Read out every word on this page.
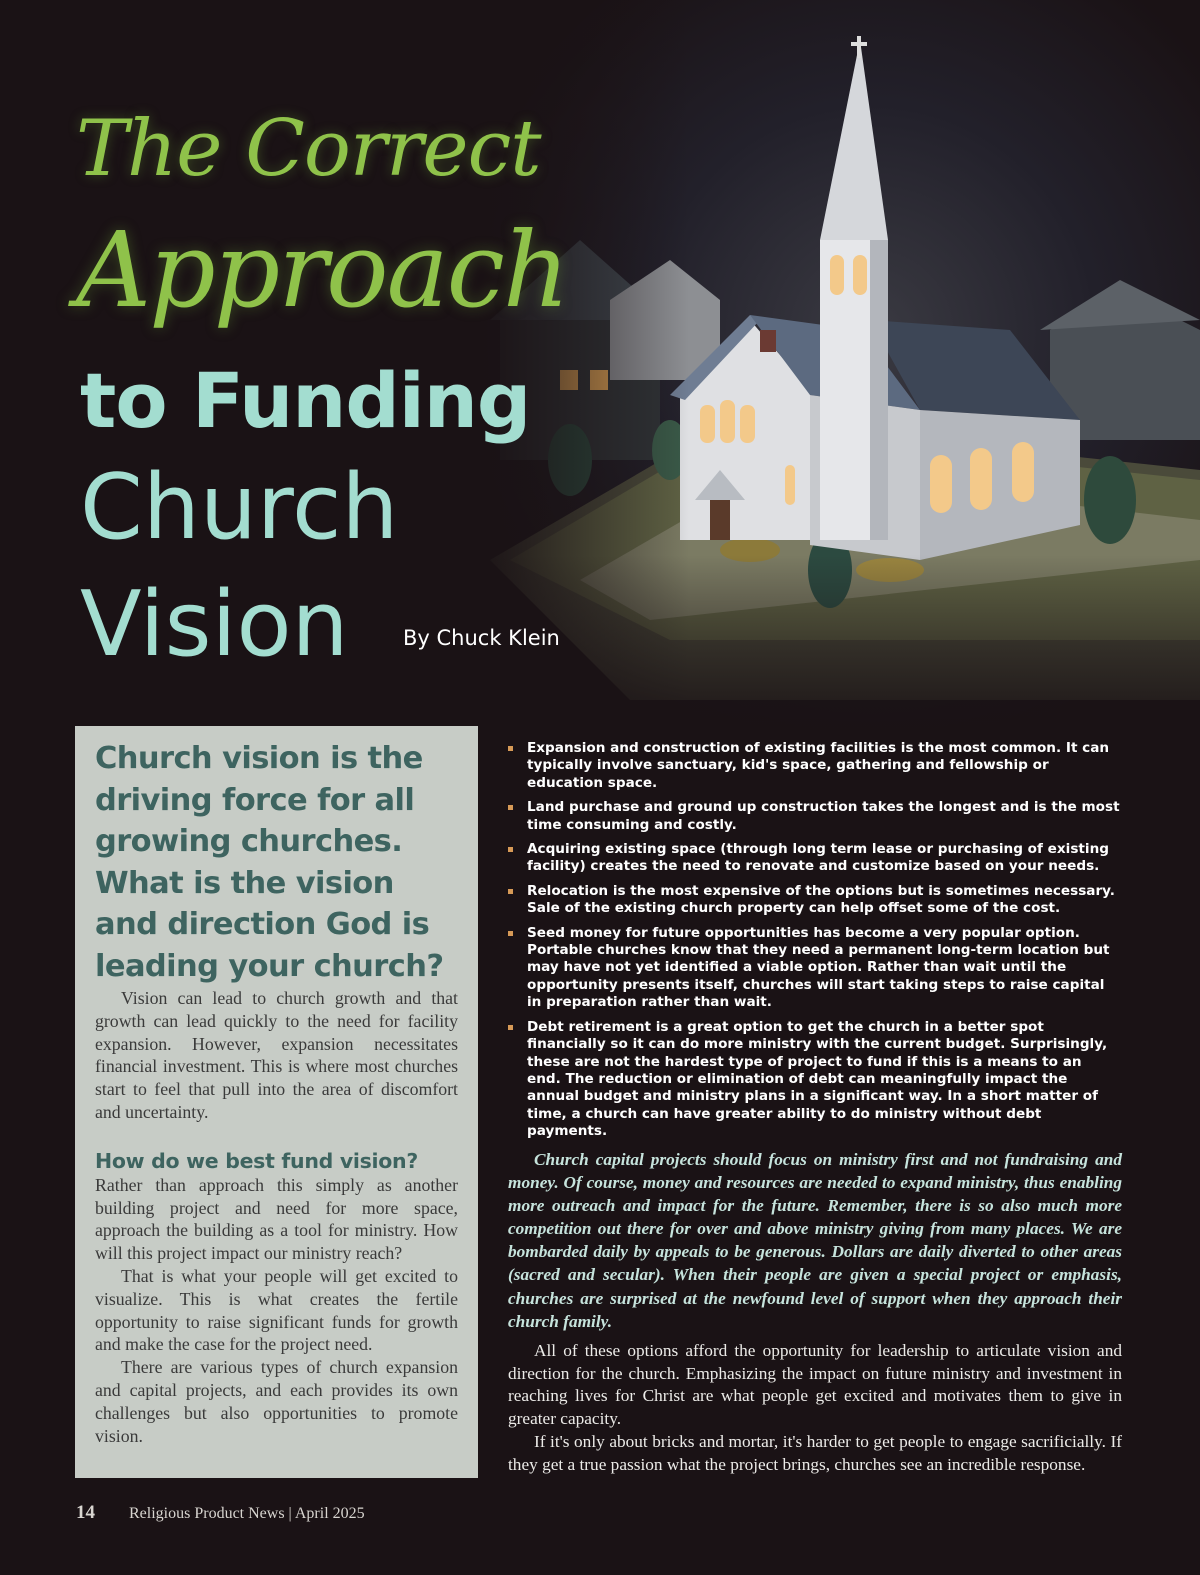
The Correct
Approach
to Funding
Church
Vision	By Chuck Klein
Church vision is the driving force for all growing churches. What is the vision and direction God is leading your church?

Vision can lead to church growth and that growth can lead quickly to the need for facility expansion. However, expansion necessitates financial investment. This is where most churches start to feel that pull into the area of discomfort and uncertainty.

How do we best fund vision?

Rather than approach this simply as another building project and need for more space, approach the building as a tool for ministry. How will this project impact our ministry reach?

That is what your people will get excited to visualize. This is what creates the fertile opportunity to raise significant funds for growth and make the case for the project need.

There are various types of church expansion and capital projects, and each provides its own challenges but also opportunities to promote vision.

Expansion and construction of existing facilities is the most common. It can typically involve sanctuary, kid's space, gathering and fellowship or education space.
Land purchase and ground up construction takes the longest and is the most time consuming and costly.
Acquiring existing space (through long term lease or purchasing of existing facility) creates the need to renovate and customize based on your needs.
Relocation is the most expensive of the options but is sometimes necessary. Sale of the existing church property can help offset some of the cost.
Seed money for future opportunities has become a very popular option. Portable churches know that they need a permanent long-term location but may have not yet identified a viable option. Rather than wait until the opportunity presents itself, churches will start taking steps to raise capital in preparation rather than wait.
Debt retirement is a great option to get the church in a better spot financially so it can do more ministry with the current budget. Surprisingly, these are not the hardest type of project to fund if this is a means to an end. The reduction or elimination of debt can meaningfully impact the annual budget and ministry plans in a significant way. In a short matter of time, a church can have greater ability to do ministry without debt payments.

Church capital projects should focus on ministry first and not fundraising and money. Of course, money and resources are needed to expand ministry, thus enabling more outreach and impact for the future. Remember, there is so also much more competition out there for over and above ministry giving from many places. We are bombarded daily by appeals to be generous. Dollars are daily diverted to other areas (sacred and secular). When their people are given a special project or emphasis, churches are surprised at the newfound level of support when they approach their church family.

All of these options afford the opportunity for leadership to articulate vision and direction for the church. Emphasizing the impact on future ministry and investment in reaching lives for Christ are what people get excited and motivates them to give in greater capacity.

If it's only about bricks and mortar, it's harder to get people to engage sacrificially. If they get a true passion what the project brings, churches see an incredible response.

14 Religious Product News | April 2025
